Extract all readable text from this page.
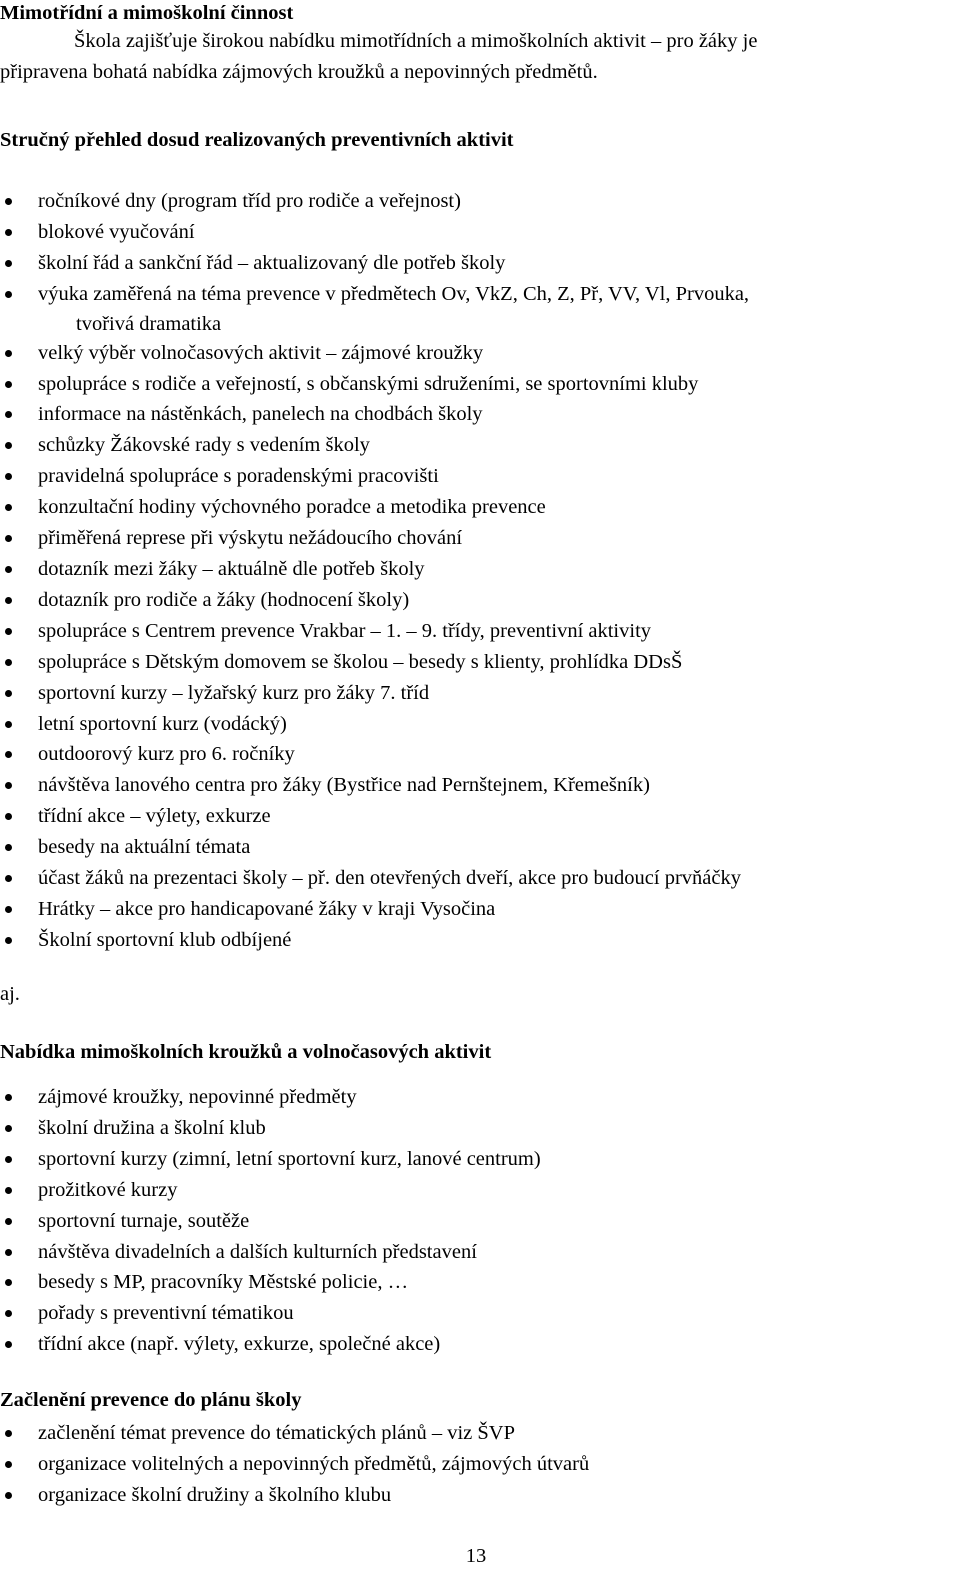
Mimotřídní a mimoškolní činnost
Škola zajišťuje širokou nabídku mimotřídních a mimoškolních aktivit – pro žáky je
připravena bohatá nabídka zájmových kroužků a nepovinných předmětů.
Stručný přehled dosud realizovaných preventivních aktivit
ročníkové dny (program tříd pro rodiče a veřejnost)
blokové vyučování
školní řád a sankční řád – aktualizovaný dle potřeb školy
výuka zaměřená na téma prevence v předmětech Ov, VkZ, Ch, Z, Př, VV, Vl, Prvouka,
tvořivá dramatika
velký výběr volnočasových aktivit – zájmové kroužky
spolupráce s rodiče a veřejností, s občanskými sdruženími, se sportovními kluby
informace na nástěnkách, panelech na chodbách školy
schůzky Žákovské rady s vedením školy
pravidelná spolupráce s poradenskými pracovišti
konzultační hodiny výchovného poradce a metodika prevence
přiměřená represe při výskytu nežádoucího chování
dotazník mezi žáky – aktuálně dle potřeb školy
dotazník pro rodiče a žáky (hodnocení školy)
spolupráce s Centrem prevence Vrakbar – 1. – 9. třídy, preventivní aktivity
spolupráce s Dětským domovem se školou – besedy s klienty, prohlídka DDsŠ
sportovní kurzy – lyžařský kurz pro žáky 7. tříd
letní sportovní kurz (vodácký)
outdoorový kurz pro 6. ročníky
návštěva lanového centra pro žáky (Bystřice nad Pernštejnem, Křemešník)
třídní akce – výlety, exkurze
besedy na aktuální témata
účast žáků na prezentaci školy – př. den otevřených dveří, akce pro budoucí prvňáčky
Hrátky – akce pro handicapované žáky v kraji Vysočina
Školní sportovní klub odbíjené
aj.
Nabídka mimoškolních kroužků a volnočasových aktivit
zájmové kroužky, nepovinné předměty
školní družina a školní klub
sportovní kurzy (zimní, letní sportovní kurz, lanové centrum)
prožitkové kurzy
sportovní turnaje, soutěže
návštěva divadelních a dalších kulturních představení
besedy s MP, pracovníky Městské policie, …
pořady s preventivní tématikou
třídní akce (např. výlety, exkurze, společné akce)
Začlenění prevence do plánu školy
začlenění témat prevence do tématických plánů – viz ŠVP
organizace volitelných a nepovinných předmětů, zájmových útvarů
organizace školní družiny a školního klubu
13
